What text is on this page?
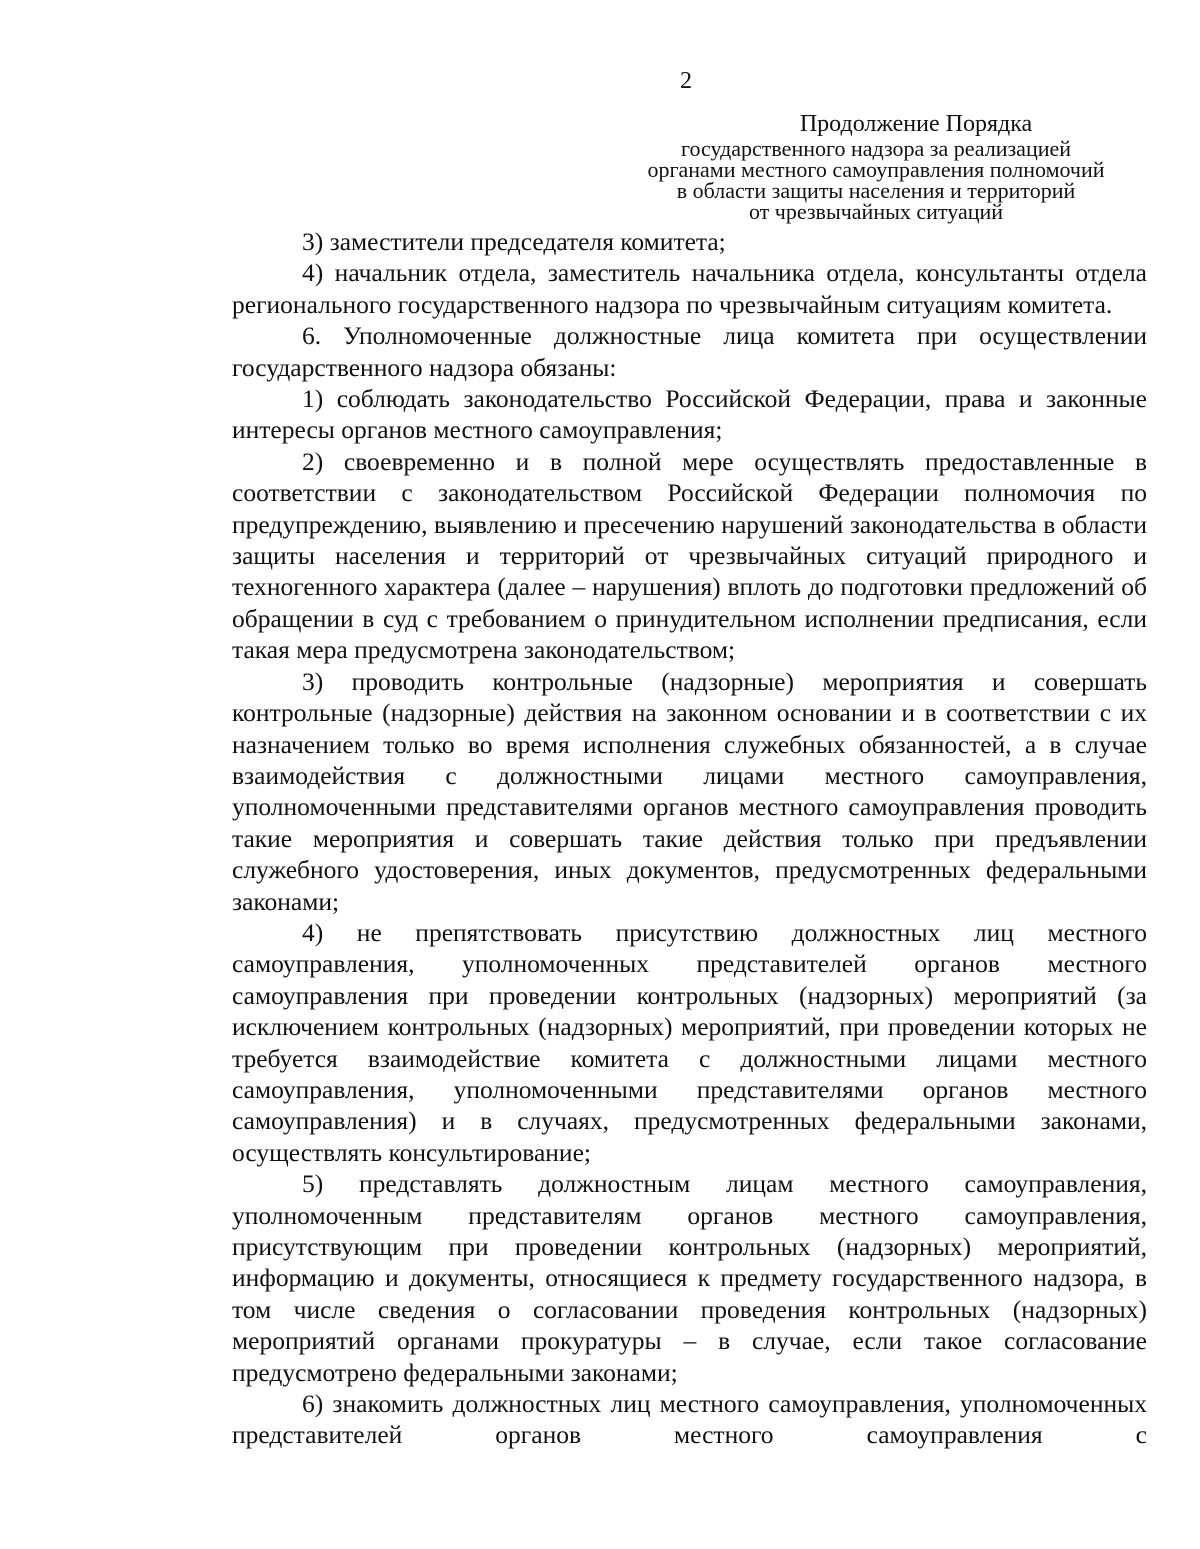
2
Продолжение Порядка
государственного надзора за реализацией
органами местного самоуправления полномочий
в области защиты населения и территорий
от чрезвычайных ситуаций

3) заместители председателя комитета;

4) начальник отдела, заместитель начальника отдела, консультанты отдела регионального государственного надзора по чрезвычайным ситуациям комитета.

6. Уполномоченные должностные лица комитета при осуществлении государственного надзора обязаны:

1) соблюдать законодательство Российской Федерации, права и законные интересы органов местного самоуправления;

2) своевременно и в полной мере осуществлять предоставленные в соответствии с законодательством Российской Федерации полномочия по предупреждению, выявлению и пресечению нарушений законодательства в области защиты населения и территорий от чрезвычайных ситуаций природного и техногенного характера (далее – нарушения) вплоть до подготовки предложений об обращении в суд с требованием о принудительном исполнении предписания, если такая мера предусмотрена законодательством;

3) проводить контрольные (надзорные) мероприятия и совершать контрольные (надзорные) действия на законном основании и в соответствии с их назначением только во время исполнения служебных обязанностей, а в случае взаимодействия с должностными лицами местного самоуправления, уполномоченными представителями органов местного самоуправления проводить такие мероприятия и совершать такие действия только при предъявлении служебного удостоверения, иных документов, предусмотренных федеральными законами;

4) не препятствовать присутствию должностных лиц местного самоуправления, уполномоченных представителей органов местного самоуправления при проведении контрольных (надзорных) мероприятий (за исключением контрольных (надзорных) мероприятий, при проведении которых не требуется взаимодействие комитета с должностными лицами местного самоуправления, уполномоченными представителями органов местного самоуправления) и в случаях, предусмотренных федеральными законами, осуществлять консультирование;

5) представлять должностным лицам местного самоуправления, уполномоченным представителям органов местного самоуправления, присутствующим при проведении контрольных (надзорных) мероприятий, информацию и документы, относящиеся к предмету государственного надзора, в том числе сведения о согласовании проведения контрольных (надзорных) мероприятий органами прокуратуры – в случае, если такое согласование предусмотрено федеральными законами;

6) знакомить должностных лиц местного самоуправления, уполномоченных представителей органов местного самоуправления с
